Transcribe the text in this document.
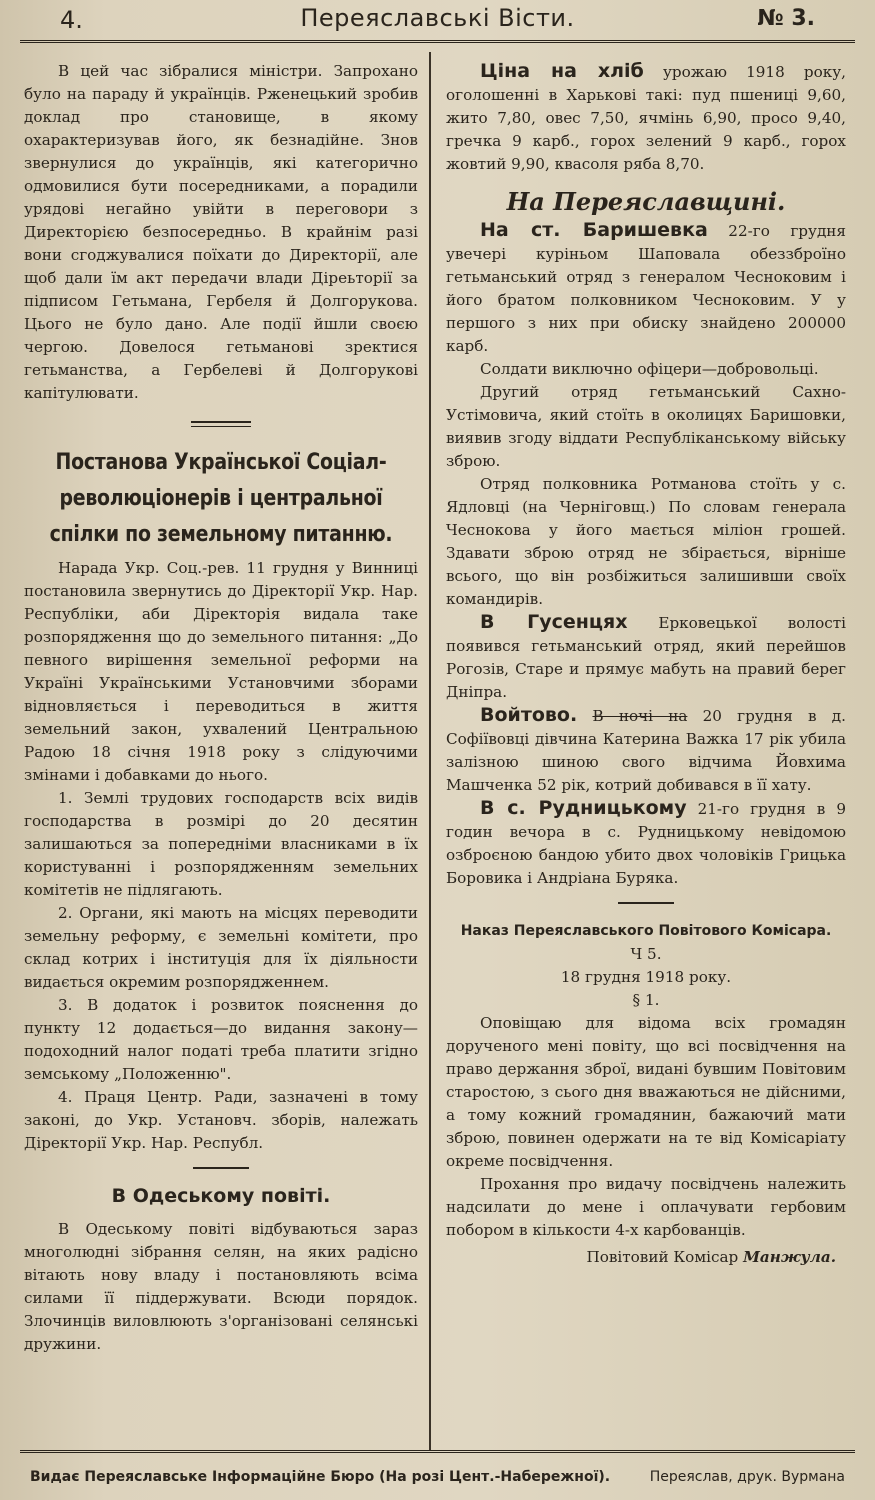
4.	Переяславські Вісти.	№ 3.

В цей час зібралися міністри. Запрохано було на параду й українців. Рженецький зробив доклад про становище, в якому охарактеризував його, як безнадійне. Знов звернулися до українців, які категорично одмовилися бути посередниками, а порадили урядові негайно увійти в переговори з Директорією безпосередньо. В крайнім разі вони сгоджувалися поїхати до Директорії, але щоб дали їм акт передачи влади Діреьторії за підписом Гетьмана, Гербеля й Долгорукова. Цього не було дано. Але події йшли своєю чергою. Довелося гетьманові зректися гетьманства, а Гербелеві й Долгорукові капітулювати.

Постанова Української Соціал-революціонерів і центральної спілки по земельному питанню.

Нарада Укр. Соц.-рев. 11 грудня у Винниці постановила звернутись до Діректорії Укр. Нар. Республіки, аби Діректорія видала таке розпорядження що до земельного питання: „До певного вирішення земельної реформи на Україні Українськими Установчими зборами відновляється і переводиться в життя земельний закон, ухвалений Центральною Радою 18 січня 1918 року з слідуючими змінами і добавками до нього.

1. Землі трудових господарств всіх видів господарства в розмірі до 20 десятин залишаються за попередніми власниками в їх користуванні і розпорядженням земельних комітетів не підлягають.

2. Органи, які мають на місцях переводити земельну реформу, є земельні комітети, про склад котрих і інституція для їх діяльности видається окремим розпорядженнем.

3. В додаток і розвиток пояснення до пункту 12 додається—до видання закону—подоходний налог податі треба платити згідно земському „Положенню".

4. Праця Центр. Ради, зазначені в тому законі, до Укр. Установч. зборів, належать Діректорії Укр. Нар. Республ.

В Одеському повіті.

В Одеському повіті відбуваються зараз многолюдні зібрання селян, на яких радісно вітають нову владу і постановляють всіма силами її піддержувати. Всюди порядок. Злочинців виловлюють з'організовані селянські дружини.

Ціна на хліб урожаю 1918 року, оголошенні в Харькові такі: пуд пшениці 9,60, жито 7,80, овес 7,50, ячмінь 6,90, просо 9,40, гречка 9 карб., горох зелений 9 карб., горох жовтий 9,90, квасоля ряба 8,70.

На Переяславщині.

На ст. Баришевка 22-го грудня увечері куріньом Шаповала обеззброїно гетьманський отряд з генералом Чесноковим і його братом полковником Чесноковим. У у першого з них при обиску знайдено 200000 карб.

Солдати виключно офіцери—добровольці.

Другий отряд гетьманський Сахно-Устімовича, який стоїть в околицях Баришовки, виявив згоду віддати Республіканському війську зброю.

Отряд полковника Ротманова стоїть у с. Ядловці (на Черніговщ.) По словам генерала Чеснокова у його мається міліон грошей. Здавати зброю отряд не збірається, вірніше всього, що він розбіжиться залишивши своїх командирів.

В Гусенцях Ерковецької волості появився гетьманський отряд, який перейшов Рогозів, Старе и прямує мабуть на правий берег Дніпра.

Войтово. В ночі на 20 грудня в д. Софіївовці дівчина Катерина Важка 17 рік убила залізною шиною свого відчима Йовхима Машченка 52 рік, котрий добивався в її хату.

В с. Рудницькому 21-го грудня в 9 годин вечора в с. Рудницькому невідомою озброєною бандою убито двох чоловіків Грицька Боровика і Андріана Буряка.

Наказ Переяславського Повітового Комісара.
Ч 5.
18 грудня 1918 року.
§ 1.

Оповіщаю для відома всіх громадян дорученого мені повіту, що всі посвідчення на право держання зброї, видані бувшим Повітовим старостою, з сього дня вважаються не дійсними, а тому кожний громадянин, бажаючий мати зброю, повинен одержати на те від Комісаріату окреме посвідчення.

Прохання про видачу посвідчень належить надсилати до мене і оплачувати гербовим побором в кількости 4-х карбованців.

Повітовий Комісар Манжула.

Видає Переяславське Інформаційне Бюро (На розі Цент.-Набережної).	Переяслав, друк. Вурмана
